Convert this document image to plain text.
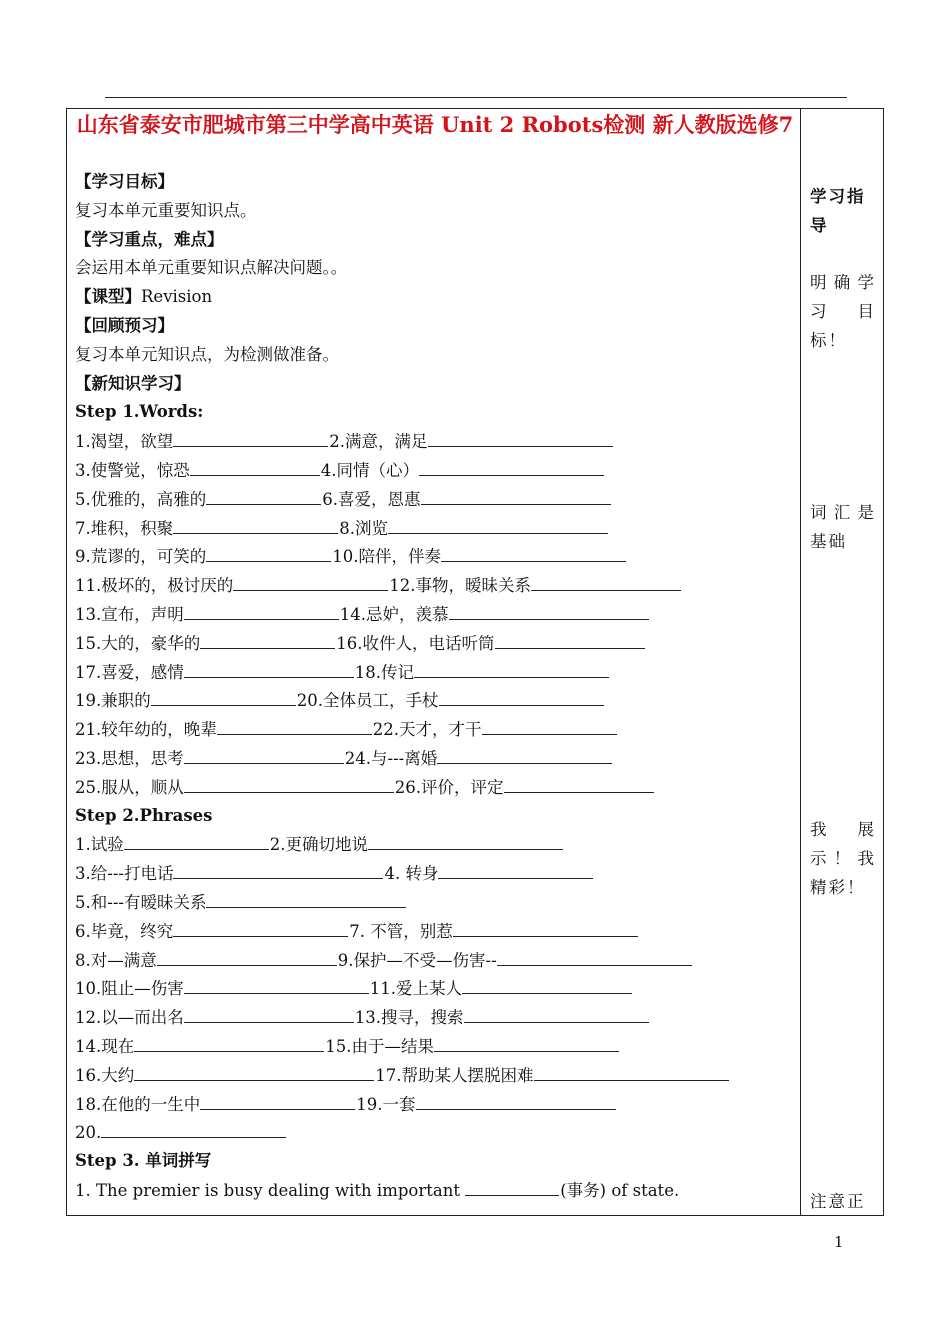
山东省泰安市肥城市第三中学高中英语 Unit 2 Robots检测 新人教版选修7
【学习目标】
复习本单元重要知识点。
【学习重点，难点】
会运用本单元重要知识点解决问题。。
【课型】Revision
【回顾预习】
复习本单元知识点，为检测做准备。
【新知识学习】
Step 1.Words:
1.渴望，欲望	2.满意，满足
3.使警觉，惊恐	4.同情（心）
5.优雅的，高雅的	6.喜爱，恩惠
7.堆积，积聚	8.浏览
9.荒谬的，可笑的	10.陪伴，伴奏
11.极坏的，极讨厌的	12.事物，暧昧关系
13.宣布，声明	14.忌妒，羡慕
15.大的，豪华的	16.收件人，电话听筒
17.喜爱，感情	18.传记
19.兼职的	20.全体员工，手杖
21.较年幼的，晚辈	22.天才，才干
23.思想，思考	24.与---离婚
25.服从，顺从	26.评价，评定
Step 2.Phrases
1.试验	2.更确切地说
3.给---打电话	4. 转身
5.和---有暧昧关系
6.毕竟，终究	7. 不管，别惹
8.对—满意	9.保护—不受—伤害--
10.阻止—伤害	11.爱上某人
12.以—而出名	13.搜寻，搜索
14.现在	15.由于—结果
16.大约	17.帮助某人摆脱困难
18.在他的一生中	19.一套
20.
Step 3. 单词拼写
1. The premier is busy dealing with important	(事务) of state.
学习指导
明确学习目标！
词汇是基础
我展示！我精彩！
注意正
1
